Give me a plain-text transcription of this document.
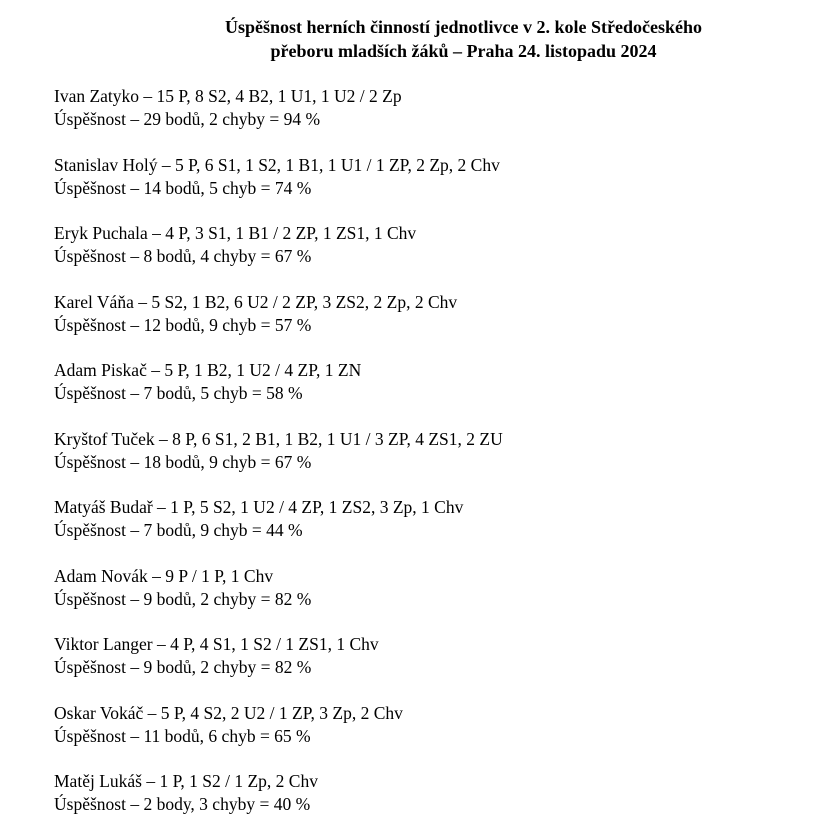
Úspěšnost herních činností jednotlivce v 2. kole Středočeského
přeboru mladších žáků – Praha 24. listopadu 2024
Ivan Zatyko – 15 P, 8 S2, 4 B2, 1 U1, 1 U2 / 2 Zp
Úspěšnost – 29 bodů, 2 chyby = 94 %
Stanislav Holý – 5 P, 6 S1, 1 S2, 1 B1, 1 U1 / 1 ZP, 2 Zp, 2 Chv
Úspěšnost – 14 bodů, 5 chyb = 74 %
Eryk Puchala – 4 P, 3 S1, 1 B1 / 2 ZP, 1 ZS1, 1 Chv
Úspěšnost – 8 bodů, 4 chyby = 67 %
Karel Váňa – 5 S2, 1 B2, 6 U2 / 2 ZP, 3 ZS2, 2 Zp, 2 Chv
Úspěšnost – 12 bodů, 9 chyb = 57 %
Adam Piskač – 5 P, 1 B2, 1 U2 / 4 ZP, 1 ZN
Úspěšnost – 7 bodů, 5 chyb = 58 %
Kryštof Tuček – 8 P, 6 S1, 2 B1, 1 B2, 1 U1 / 3 ZP, 4 ZS1, 2 ZU
Úspěšnost – 18 bodů, 9 chyb = 67 %
Matyáš Budař – 1 P, 5 S2, 1 U2 / 4 ZP, 1 ZS2, 3 Zp, 1 Chv
Úspěšnost – 7 bodů, 9 chyb = 44 %
Adam Novák – 9 P / 1 P, 1 Chv
Úspěšnost – 9 bodů, 2 chyby = 82 %
Viktor Langer – 4 P, 4 S1, 1 S2 / 1 ZS1, 1 Chv
Úspěšnost – 9 bodů, 2 chyby = 82 %
Oskar Vokáč – 5 P, 4 S2, 2 U2 / 1 ZP, 3 Zp, 2 Chv
Úspěšnost – 11 bodů, 6 chyb = 65 %
Matěj Lukáš – 1 P, 1 S2 / 1 Zp, 2 Chv
Úspěšnost – 2 body, 3 chyby = 40 %
